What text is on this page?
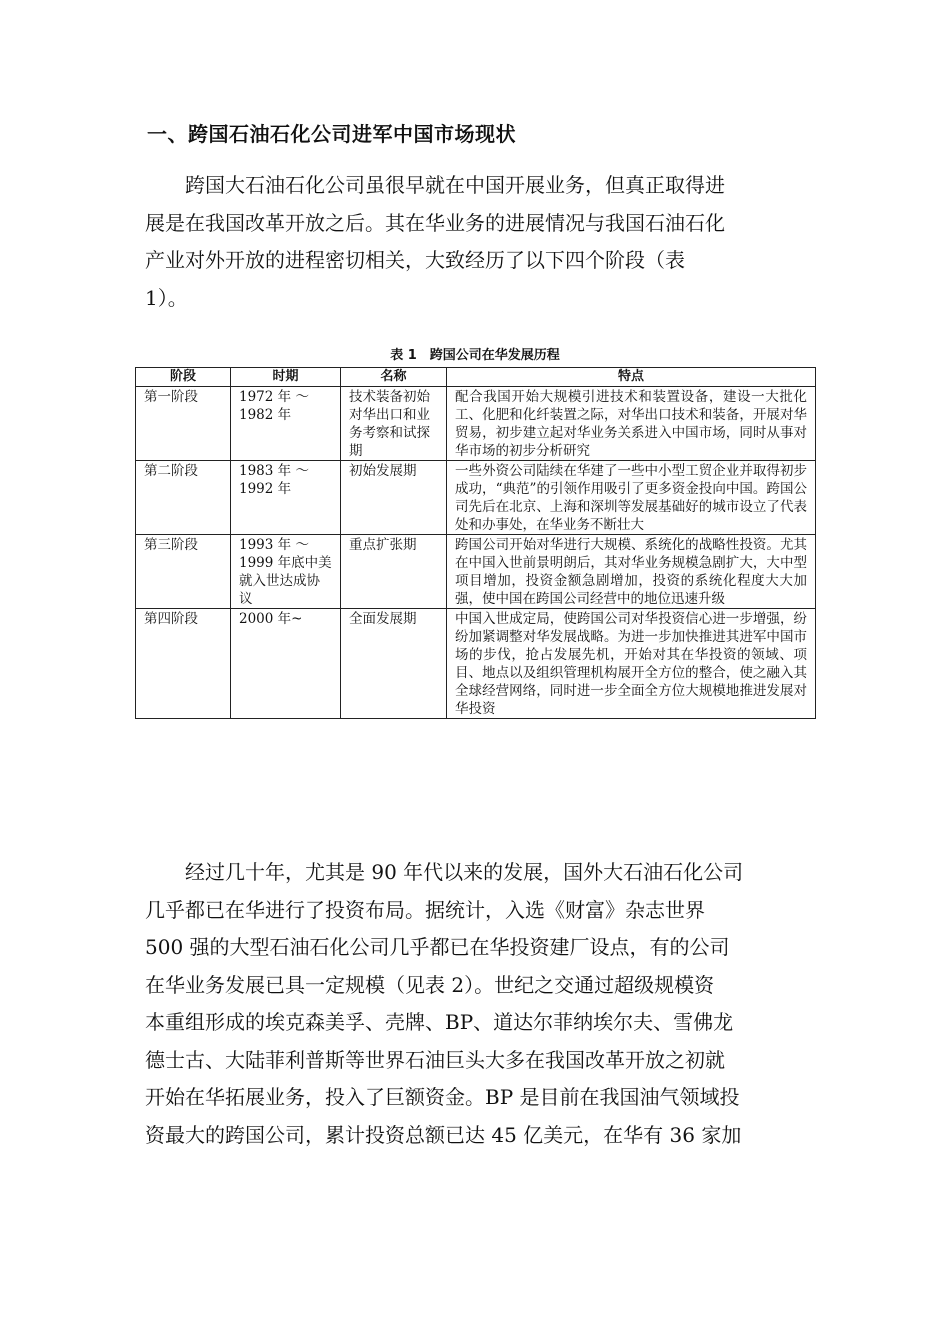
一、跨国石油石化公司进军中国市场现状
跨国大石油石化公司虽很早就在中国开展业务，但真正取得进
展是在我国改革开放之后。其在华业务的进展情况与我国石油石化
产业对外开放的进程密切相关，大致经历了以下四个阶段（表
1）。
表 1　跨国公司在华发展历程
阶段	时期	名称	特点
第一阶段	1972 年 ～ 1982 年	技术装备初始对华出口和业务考察和试探期	配合我国开始大规模引进技术和装置设备，建设一大批化工、化肥和化纤装置之际，对华出口技术和装备，开展对华贸易，初步建立起对华业务关系进入中国市场，同时从事对华市场的初步分析研究
第二阶段	1983 年 ～ 1992 年	初始发展期	一些外资公司陆续在华建了一些中小型工贸企业并取得初步成功，“典范”的引领作用吸引了更多资金投向中国。跨国公司先后在北京、上海和深圳等发展基础好的城市设立了代表处和办事处，在华业务不断壮大
第三阶段	1993 年 ～ 1999 年底中美就入世达成协议	重点扩张期	跨国公司开始对华进行大规模、系统化的战略性投资。尤其在中国入世前景明朗后，其对华业务规模急剧扩大，大中型项目增加，投资金额急剧增加，投资的系统化程度大大加强，使中国在跨国公司经营中的地位迅速升级
第四阶段	2000 年~	全面发展期	中国入世成定局，使跨国公司对华投资信心进一步增强，纷纷加紧调整对华发展战略。为进一步加快推进其进军中国市场的步伐，抢占发展先机，开始对其在华投资的领域、项目、地点以及组织管理机构展开全方位的整合，使之融入其全球经营网络，同时进一步全面全方位大规模地推进发展对华投资
经过几十年，尤其是 90 年代以来的发展，国外大石油石化公司
几乎都已在华进行了投资布局。据统计，入选《财富》杂志世界
500 强的大型石油石化公司几乎都已在华投资建厂设点，有的公司
在华业务发展已具一定规模（见表 2）。世纪之交通过超级规模资
本重组形成的埃克森美孚、壳牌、BP、道达尔菲纳埃尔夫、雪佛龙
德士古、大陆菲利普斯等世界石油巨头大多在我国改革开放之初就
开始在华拓展业务，投入了巨额资金。BP 是目前在我国油气领域投
资最大的跨国公司，累计投资总额已达 45 亿美元，在华有 36 家加
